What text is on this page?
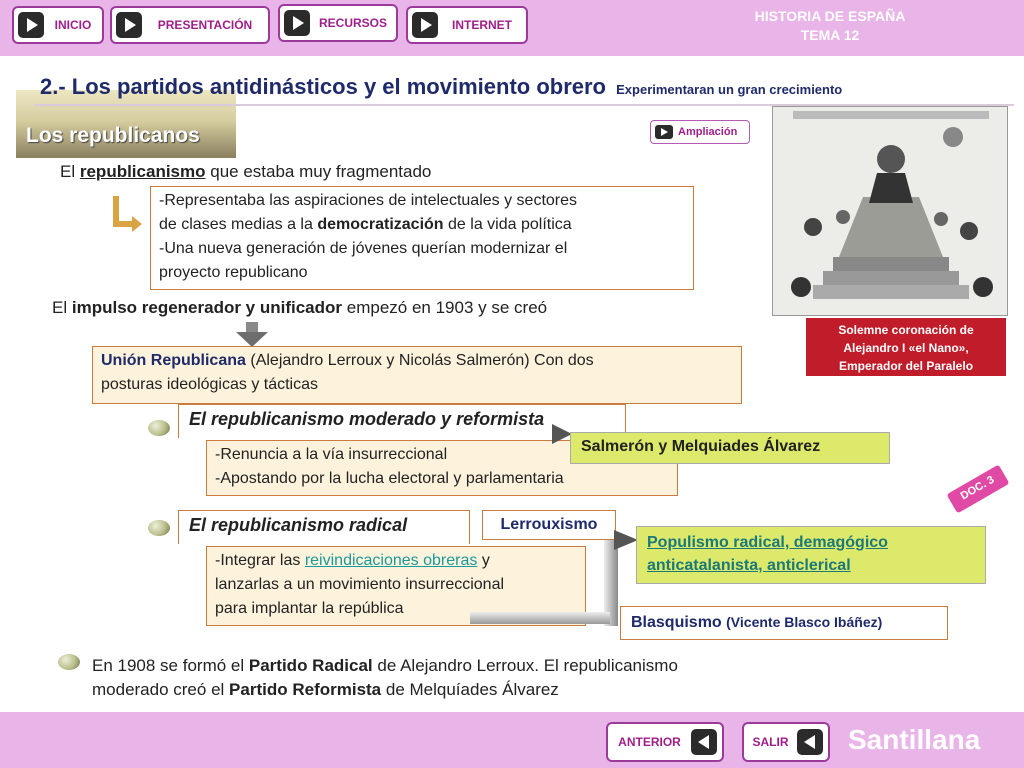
INICIO	PRESENTACIÓN	RECURSOS	INTERNET
HISTORIA DE ESPAÑA
TEMA 12
Los republicanos
2.- Los partidos antidinásticos y el movimiento obrero Experimentaran un gran crecimiento
Ampliación
El republicanismo que estaba muy fragmentado
-Representaba las aspiraciones de intelectuales y sectores
de clases medias a la democratización de la vida política
-Una nueva generación de jóvenes querían modernizar el
proyecto republicano
El impulso regenerador y unificador empezó en 1903 y se creó
Unión Republicana (Alejandro Lerroux y Nicolás Salmerón) Con dos
posturas ideológicas y tácticas
El republicanismo moderado y reformista
-Renuncia a la vía insurreccional
-Apostando por la lucha electoral y parlamentaria
Salmerón y Melquiades Álvarez
DOC. 3
El republicanismo radical	Lerrouxismo
-Integrar las reivindicaciones obreras y
lanzarlas a un movimiento insurreccional
para implantar la república
Populismo radical, demagógico
anticatalanista, anticlerical
Blasquismo (Vicente Blasco Ibáñez)
Solemne coronación de
Alejandro I «el Nano»,
Emperador del Paralelo
En 1908 se formó el Partido Radical de Alejandro Lerroux. El republicanismo
moderado creó el Partido Reformista de Melquíades Álvarez
ANTERIOR	SALIR	Santillana
